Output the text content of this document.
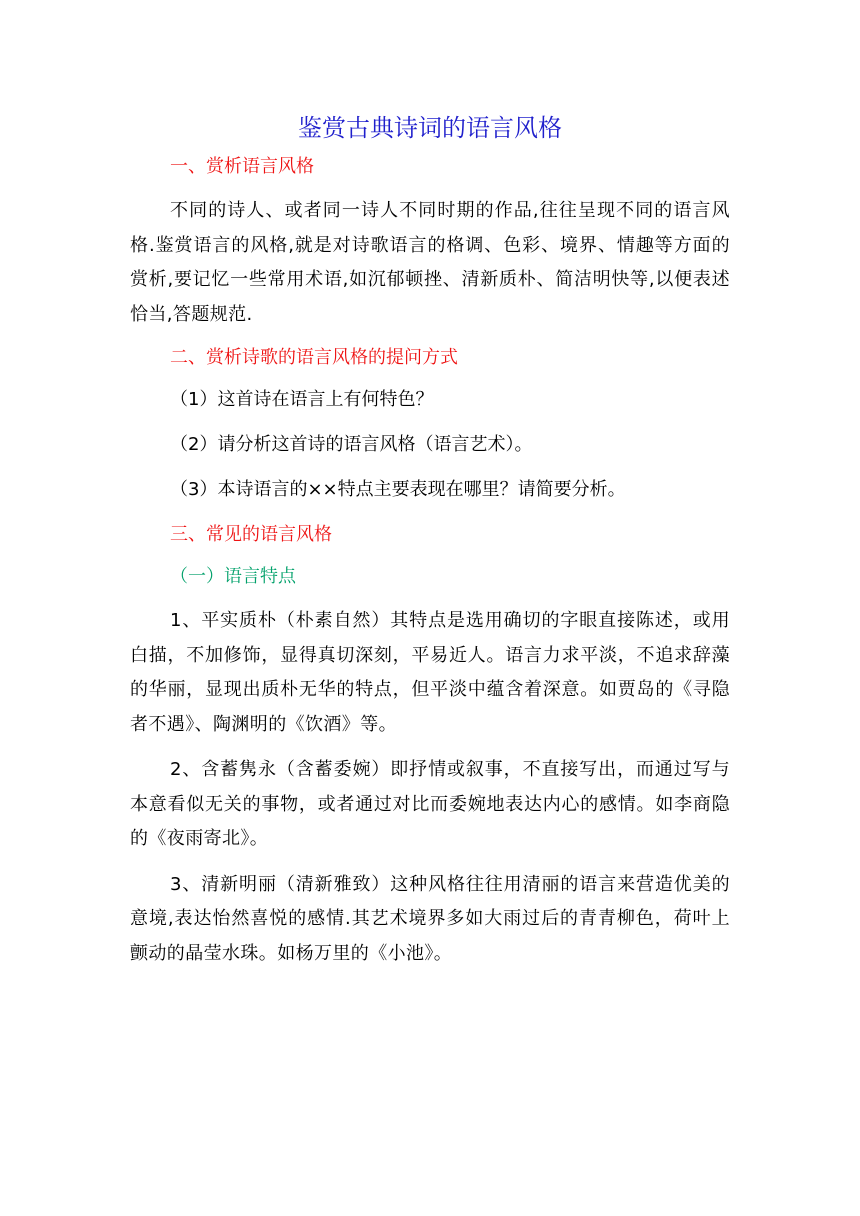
鉴赏古典诗词的语言风格
一、赏析语言风格

不同的诗人、或者同一诗人不同时期的作品,往往呈现不同的语言风格.鉴赏语言的风格,就是对诗歌语言的格调、色彩、境界、情趣等方面的赏析,要记忆一些常用术语,如沉郁顿挫、清新质朴、简洁明快等,以便表述恰当,答题规范.

二、赏析诗歌的语言风格的提问方式

（1）这首诗在语言上有何特色？

（2）请分析这首诗的语言风格（语言艺术）。

（3）本诗语言的××特点主要表现在哪里？请简要分析。

三、常见的语言风格
（一）语言特点

1、平实质朴（朴素自然）其特点是选用确切的字眼直接陈述，或用白描，不加修饰，显得真切深刻，平易近人。语言力求平淡，不追求辞藻的华丽，显现出质朴无华的特点，但平淡中蕴含着深意。如贾岛的《寻隐者不遇》、陶渊明的《饮酒》等。

2、含蓄隽永（含蓄委婉）即抒情或叙事，不直接写出，而通过写与本意看似无关的事物，或者通过对比而委婉地表达内心的感情。如李商隐的《夜雨寄北》。

3、清新明丽（清新雅致）这种风格往往用清丽的语言来营造优美的意境,表达怡然喜悦的感情.其艺术境界多如大雨过后的青青柳色，荷叶上颤动的晶莹水珠。如杨万里的《小池》。
